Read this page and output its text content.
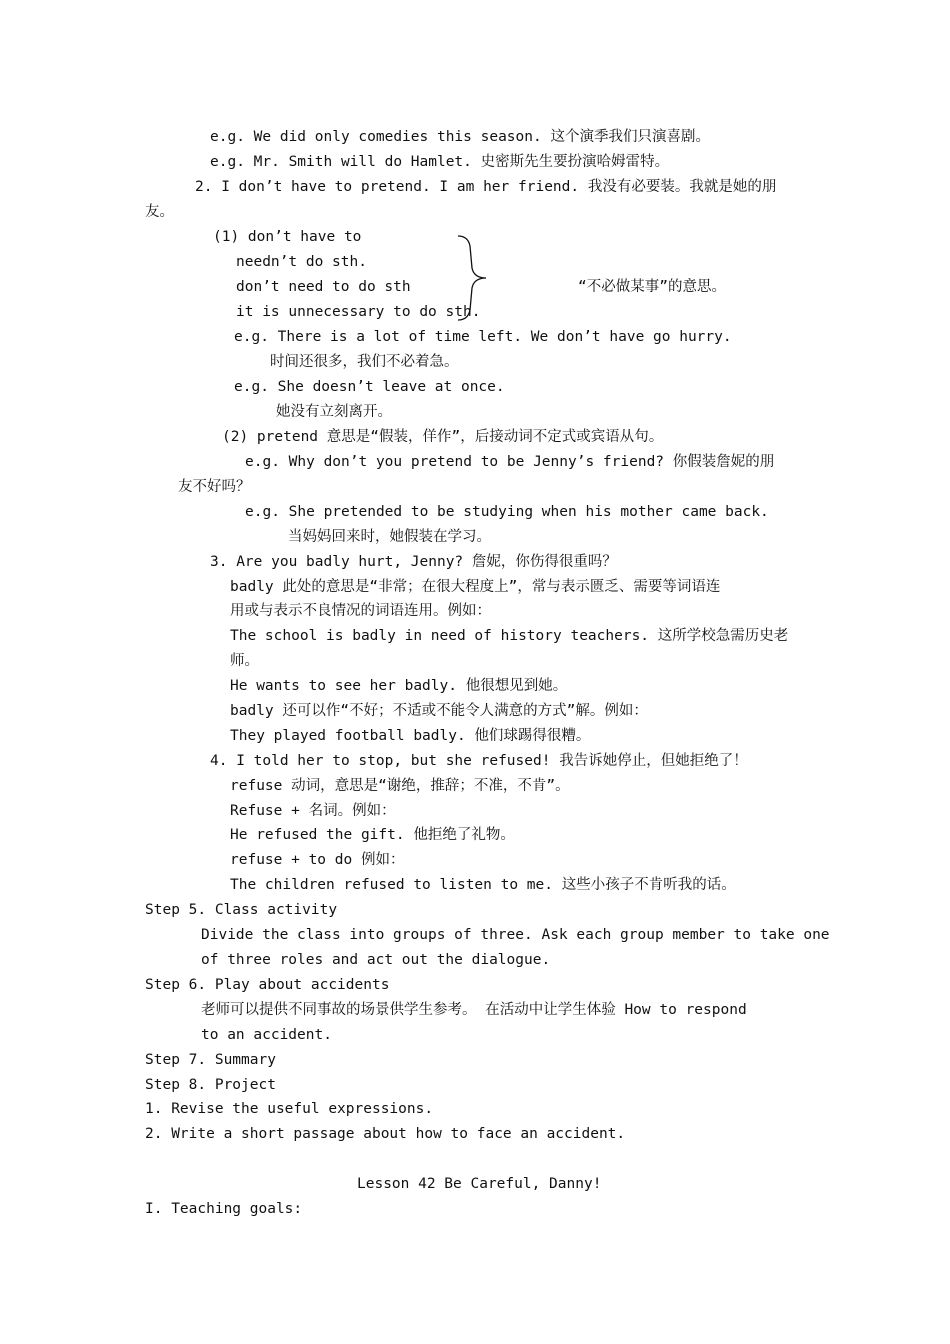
e.g. We did only comedies this season. 这个演季我们只演喜剧。
e.g. Mr. Smith will do Hamlet. 史密斯先生要扮演哈姆雷特。
2. I don’t have to pretend. I am her friend. 我没有必要装。我就是她的朋
友。
(1) don’t have to
needn’t do sth.
don’t need to do sth	“不必做某事”的意思。
it is unnecessary to do sth.
e.g. There is a lot of time left. We don’t have go hurry.
时间还很多，我们不必着急。
e.g. She doesn’t leave at once.
她没有立刻离开。
(2) pretend 意思是“假装，佯作”，后接动词不定式或宾语从句。
e.g. Why don’t you pretend to be Jenny’s friend? 你假装詹妮的朋
友不好吗？
e.g. She pretended to be studying when his mother came back.
当妈妈回来时，她假装在学习。
3. Are you badly hurt, Jenny? 詹妮，你伤得很重吗？
badly 此处的意思是“非常；在很大程度上”，常与表示匮乏、需要等词语连
用或与表示不良情况的词语连用。例如：
The school is badly in need of history teachers. 这所学校急需历史老
师。
He wants to see her badly. 他很想见到她。
badly 还可以作“不好；不适或不能令人满意的方式”解。例如：
They played football badly. 他们球踢得很糟。
4. I told her to stop, but she refused! 我告诉她停止，但她拒绝了！
refuse 动词，意思是“谢绝，推辞；不准，不肯”。
Refuse + 名词。例如：
He refused the gift. 他拒绝了礼物。
refuse + to do 例如：
The children refused to listen to me. 这些小孩子不肯听我的话。
Step 5. Class activity
Divide the class into groups of three. Ask each group member to take one
of three roles and act out the dialogue.
Step 6. Play about accidents
老师可以提供不同事故的场景供学生参考。 在活动中让学生体验 How to respond
to an accident.
Step 7. Summary
Step 8. Project
1. Revise the useful expressions.
2. Write a short passage about how to face an accident.
Lesson 42 Be Careful, Danny!
I. Teaching goals:
